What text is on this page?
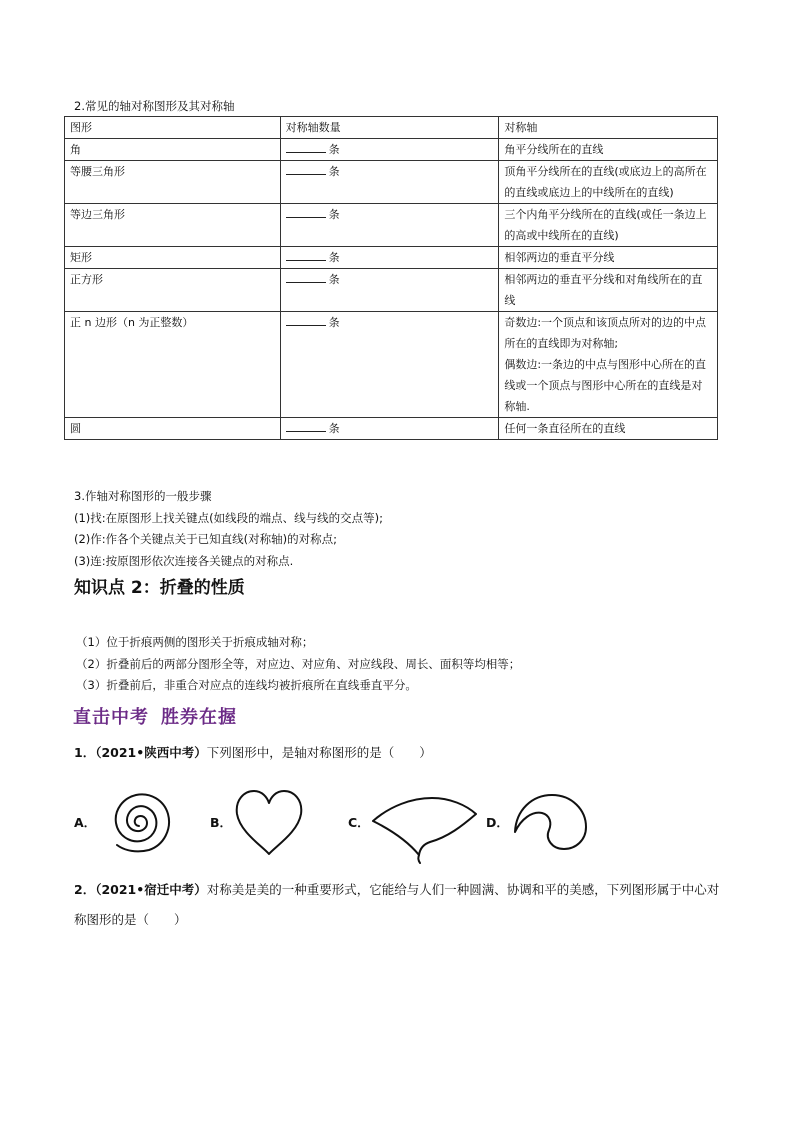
2.常见的轴对称图形及其对称轴
图形	对称轴数量	对称轴
角	条	角平分线所在的直线
等腰三角形	条	顶角平分线所在的直线(或底边上的高所在的直线或底边上的中线所在的直线)
等边三角形	条	三个内角平分线所在的直线(或任一条边上的高或中线所在的直线)
矩形	条	相邻两边的垂直平分线
正方形	条	相邻两边的垂直平分线和对角线所在的直线
正 n 边形（n 为正整数）	条	奇数边:一个顶点和该顶点所对的边的中点所在的直线即为对称轴;
偶数边:一条边的中点与图形中心所在的直线或一个顶点与图形中心所在的直线是对称轴.

圆	条	任何一条直径所在的直线
3.作轴对称图形的一般步骤
(1)找:在原图形上找关键点(如线段的端点、线与线的交点等);
(2)作:作各个关键点关于已知直线(对称轴)的对称点;
(3)连:按原图形依次连接各关键点的对称点.
知识点 2：折叠的性质
（1）位于折痕两侧的图形关于折痕成轴对称；
（2）折叠前后的两部分图形全等，对应边、对应角、对应线段、周长、面积等均相等；
（3）折叠前后，非重合对应点的连线均被折痕所在直线垂直平分。
直击中考 胜券在握
1．（2021•陕西中考）下列图形中，是轴对称图形的是（　　）
A．	B．	C．	D．
2．（2021•宿迁中考）对称美是美的一种重要形式，它能给与人们一种圆满、协调和平的美感，下列图形属于中心对称图形的是（　　）
